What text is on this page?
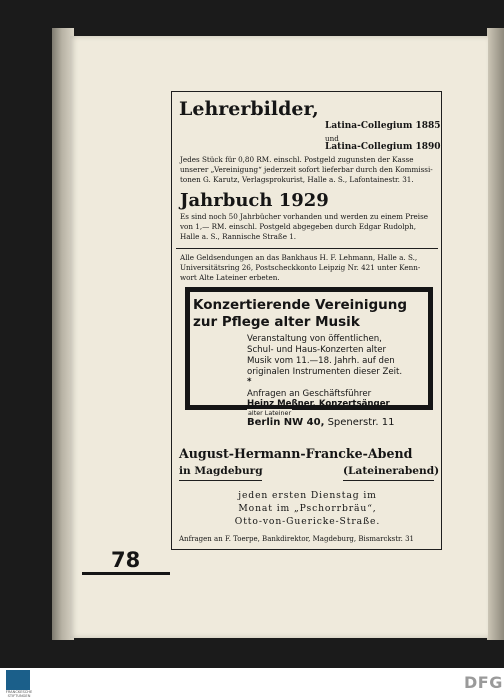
Lehrerbilder,
Latina-Collegium 1885
und
Latina-Collegium 1890
Jedes Stück für 0,80 RM. einschl. Postgeld zugunsten der Kasse
unserer „Vereinigung“ jederzeit sofort lieferbar durch den Kommissi-
tonen G. Karutz, Verlagsprokurist, Halle a. S., Lafontainestr. 31.
Jahrbuch 1929
Es sind noch 50 Jahrbücher vorhanden und werden zu einem Preise
von 1,— RM. einschl. Postgeld abgegeben durch Edgar Rudolph,
Halle a. S., Rannische Straße 1.
Alle Geldsendungen an das Bankhaus H. F. Lehmann, Halle a. S.,
Universitätsring 26, Postscheckkonto Leipzig Nr. 421 unter Kenn-
wort Alte Lateiner erbeten.
Konzertierende Vereinigung
zur Pflege alter Musik
Veranstaltung von öffentlichen,
Schul- und Haus-Konzerten alter
Musik vom 11.—18. Jahrh. auf den
originalen Instrumenten dieser Zeit.
*
Anfragen an Geschäftsführer
Heinz Meßner, Konzertsänger
alter Lateiner
Berlin NW 40, Spenerstr. 11
August-Hermann-Francke-Abend
in Magdeburg	(Lateinerabend)
jeden ersten Dienstag im
Monat im „Pschorrbräu“,
Otto-von-Guericke-Straße.
Anfragen an F. Toerpe, Bankdirektor, Magdeburg, Bismarckstr. 31
78
FRANCKESCHE STIFTUNGEN
DFG
